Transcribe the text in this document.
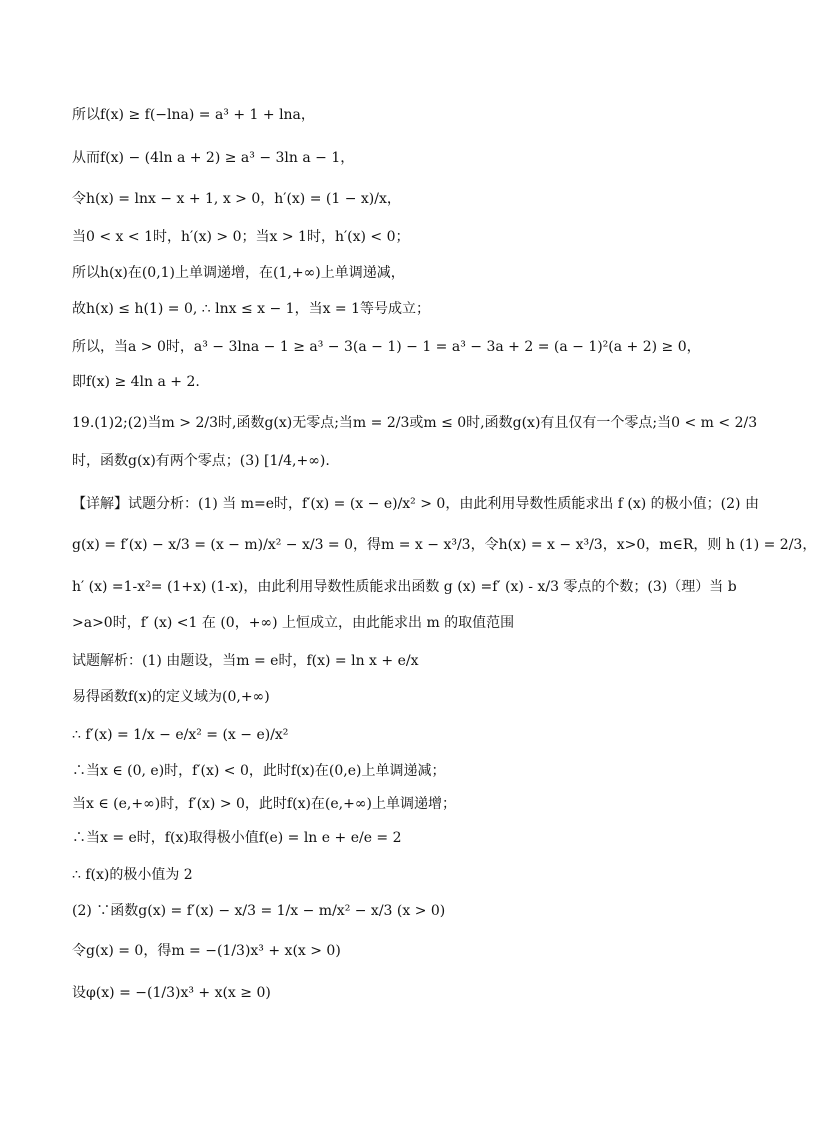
所以f(x) ≥ f(−lna) = a³ + 1 + lna，
从而f(x) − (4ln a + 2) ≥ a³ − 3ln a − 1，
令h(x) = lnx − x + 1, x > 0，h′(x) = (1 − x)/x，
当0 < x < 1时，h′(x) > 0；当x > 1时，h′(x) < 0；
所以h(x)在(0,1)上单调递增，在(1,+∞)上单调递减，
故h(x) ≤ h(1) = 0, ∴ lnx ≤ x − 1，当x = 1等号成立；
所以，当a > 0时，a³ − 3lna − 1 ≥ a³ − 3(a − 1) − 1 = a³ − 3a + 2 = (a − 1)²(a + 2) ≥ 0，
即f(x) ≥ 4ln a + 2.
19.(1)2;(2)当m > 2/3时,函数g(x)无零点;当m = 2/3或m ≤ 0时,函数g(x)有且仅有一个零点;当0 < m < 2/3
时，函数g(x)有两个零点；(3) [1/4,+∞).
【详解】试题分析：(1) 当 m=e时，f′(x) = (x − e)/x² > 0，由此利用导数性质能求出 f (x) 的极小值；(2) 由
g(x) = f′(x) − x/3 = (x − m)/x² − x/3 = 0，得m = x − x³/3，令h(x) = x − x³/3，x>0，m∈R，则 h (1) = 2/3，
h′ (x) =1-x²= (1+x) (1-x)，由此利用导数性质能求出函数 g (x) =f′ (x) - x/3 零点的个数；(3)（理）当 b
>a>0时，f′ (x) <1 在 (0，+∞) 上恒成立，由此能求出 m 的取值范围
试题解析：(1) 由题设，当m = e时，f(x) = ln x + e/x
易得函数f(x)的定义域为(0,+∞)
∴ f′(x) = 1/x − e/x² = (x − e)/x²
∴当x ∈ (0, e)时，f′(x) < 0，此时f(x)在(0,e)上单调递减；
当x ∈ (e,+∞)时，f′(x) > 0，此时f(x)在(e,+∞)上单调递增；
∴当x = e时，f(x)取得极小值f(e) = ln e + e/e = 2
∴ f(x)的极小值为 2
(2) ∵函数g(x) = f′(x) − x/3 = 1/x − m/x² − x/3 (x > 0)
令g(x) = 0，得m = −(1/3)x³ + x(x > 0)
设φ(x) = −(1/3)x³ + x(x ≥ 0)
